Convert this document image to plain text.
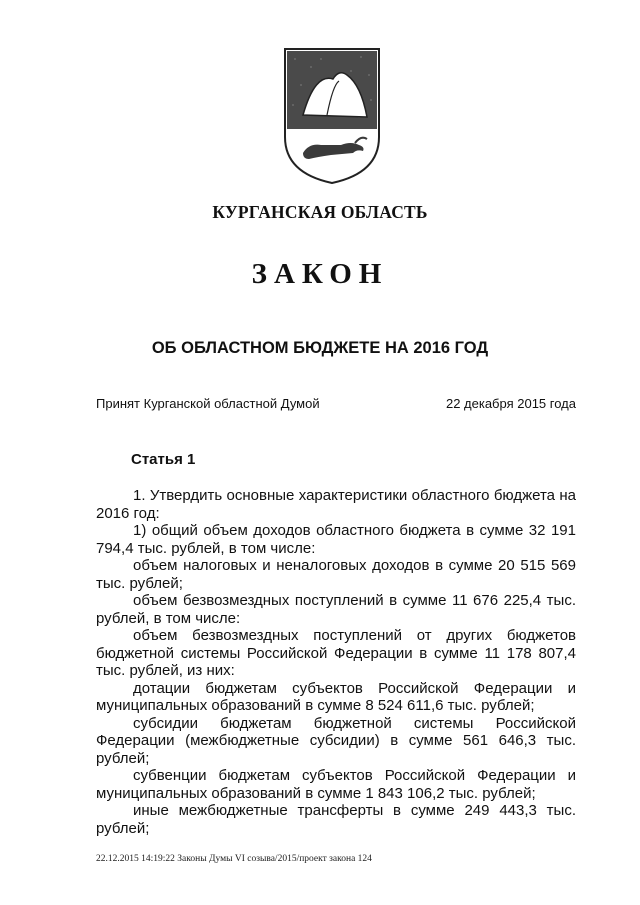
КУРГАНСКАЯ ОБЛАСТЬ
ЗАКОН
ОБ ОБЛАСТНОМ БЮДЖЕТЕ НА 2016 ГОД
Принят Курганской областной Думой	22 декабря 2015 года
Статья 1

1. Утвердить основные характеристики областного бюджета на 2016 год:

1) общий объем доходов областного бюджета в сумме 32 191 794,4 тыс. рублей, в том числе:

объем налоговых и неналоговых доходов в сумме 20 515 569 тыс. рублей;

объем безвозмездных поступлений в сумме 11 676 225,4 тыс. рублей, в том числе:

объем безвозмездных поступлений от других бюджетов бюджетной системы Российской Федерации в сумме 11 178 807,4 тыс. рублей, из них:

дотации бюджетам субъектов Российской Федерации и муниципальных образований в сумме 8 524 611,6 тыс. рублей;

субсидии бюджетам бюджетной системы Российской Федерации (межбюджетные субсидии) в сумме 561 646,3 тыс. рублей;

субвенции бюджетам субъектов Российской Федерации и муниципальных образований в сумме 1 843 106,2 тыс. рублей;

иные межбюджетные трансферты в сумме 249 443,3 тыс. рублей;

22.12.2015 14:19:22 Законы Думы VI созыва/2015/проект закона 124
